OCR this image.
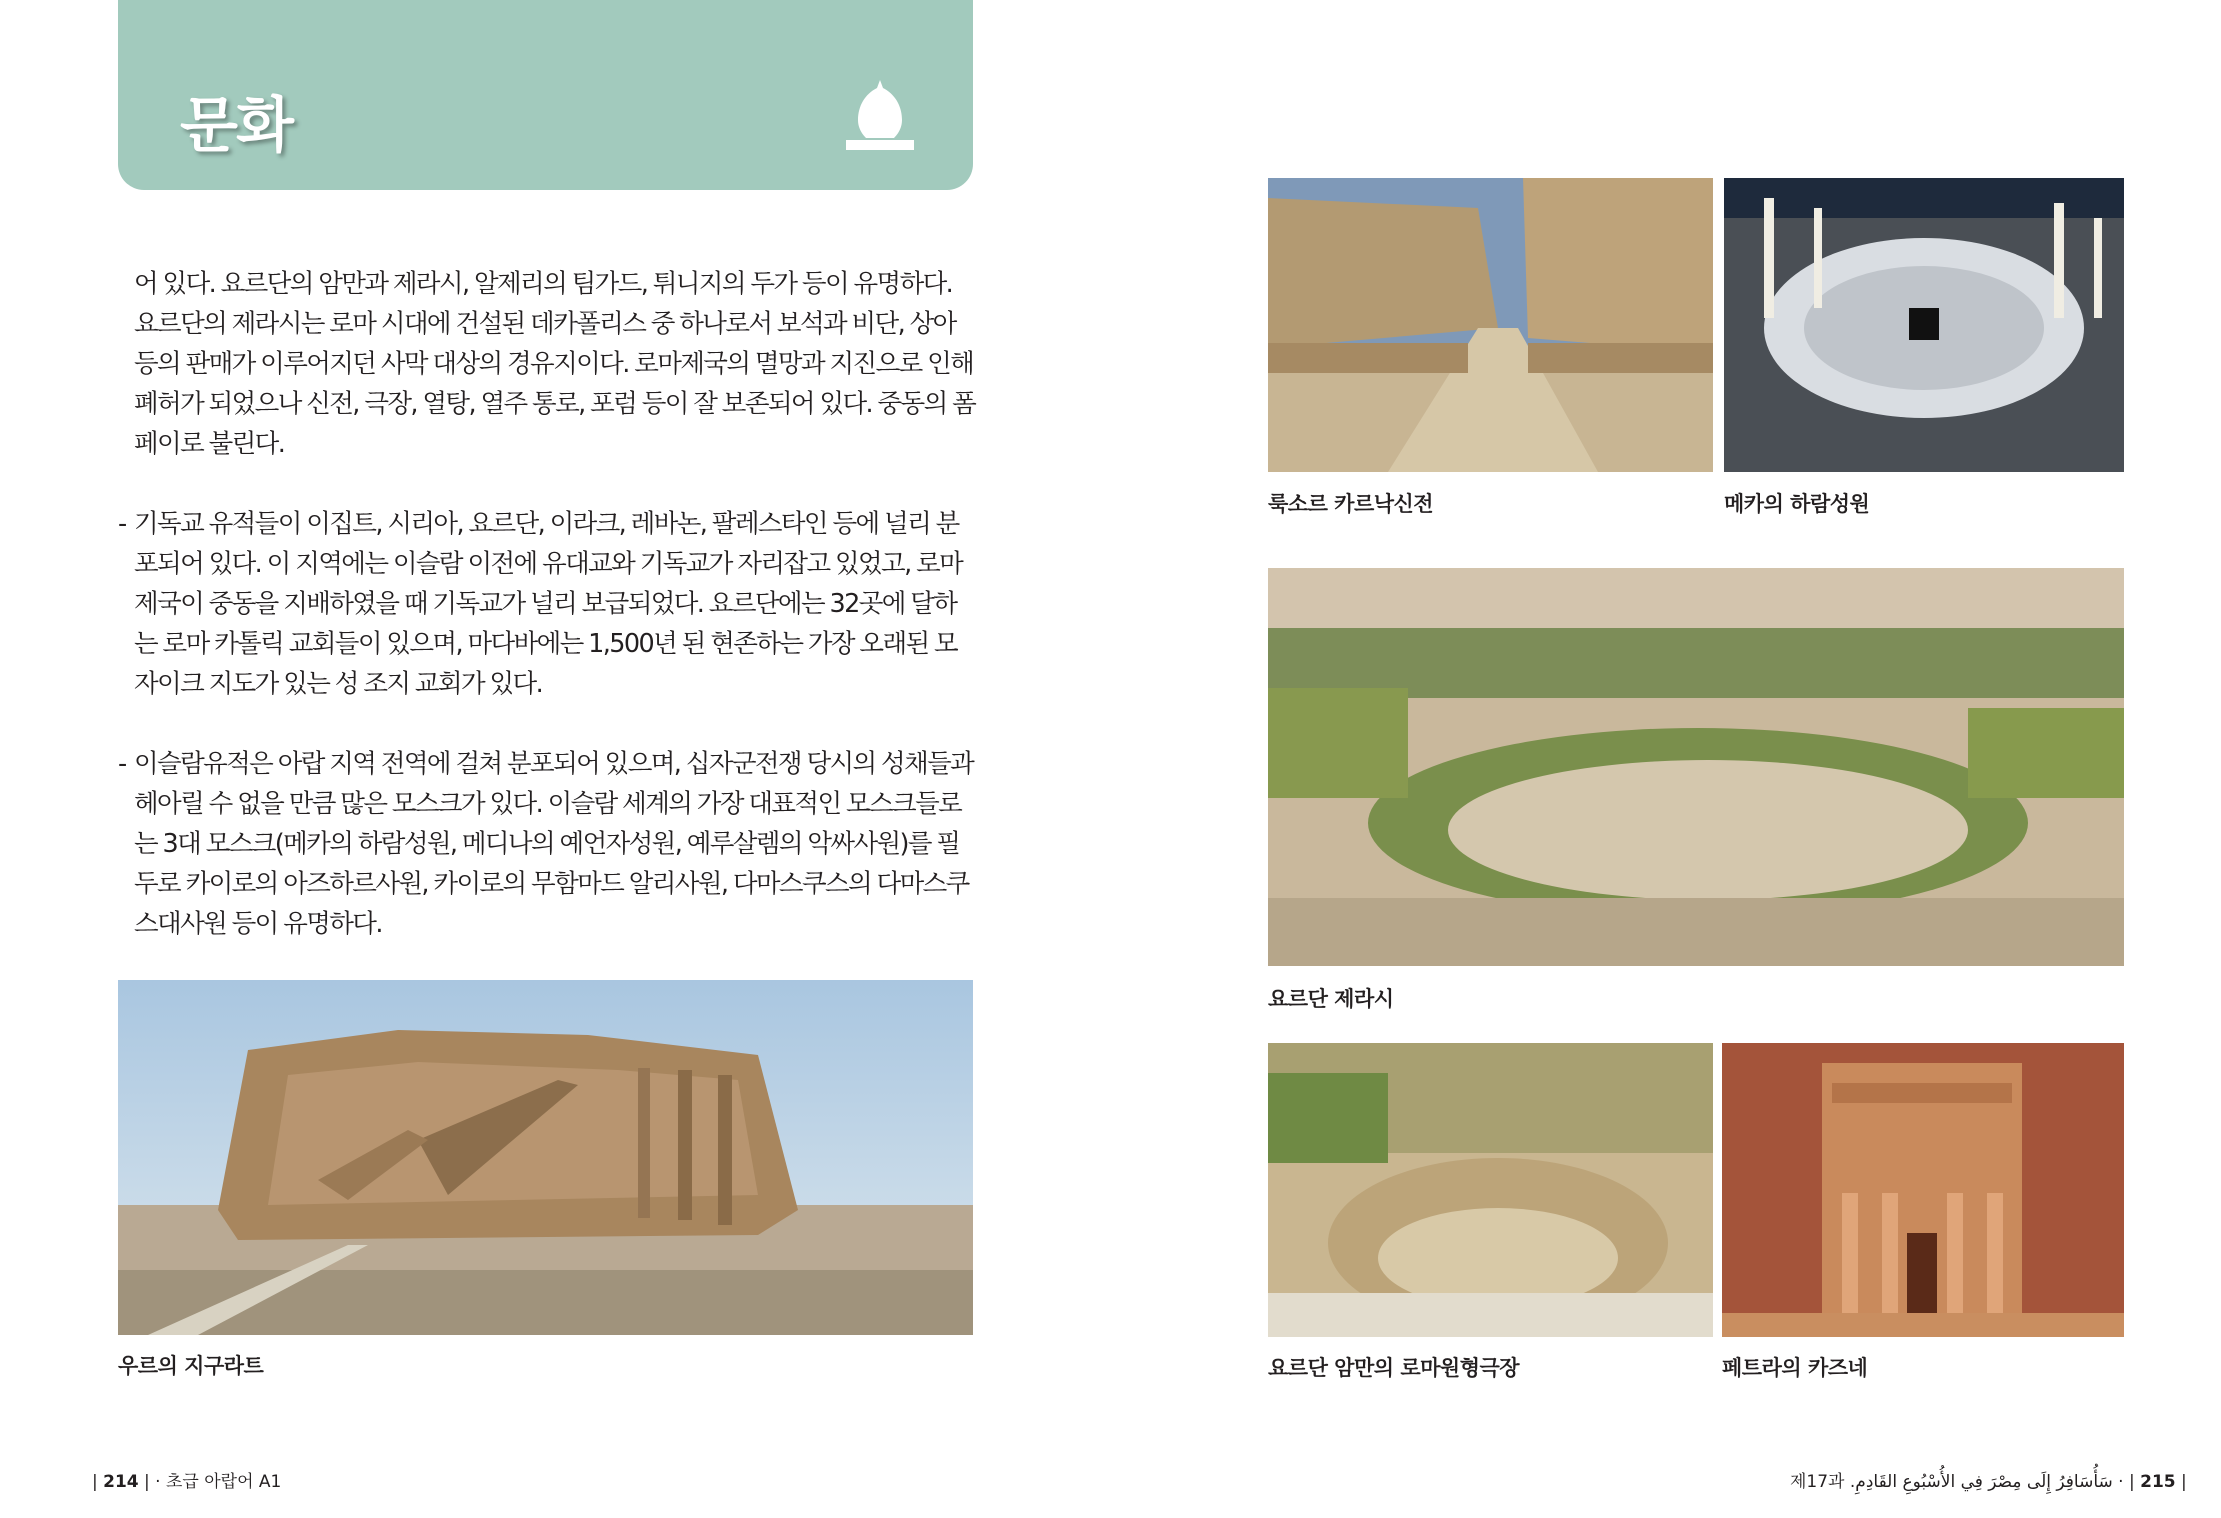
문화
어 있다. 요르단의 암만과 제라시, 알제리의 팀가드, 튀니지의 두가 등이 유명하다. 요르단의 제라시는 로마 시대에 건설된 데카폴리스 중 하나로서 보석과 비단, 상아 등의 판매가 이루어지던 사막 대상의 경유지이다. 로마제국의 멸망과 지진으로 인해 폐허가 되었으나 신전, 극장, 열탕, 열주 통로, 포럼 등이 잘 보존되어 있다. 중동의 폼페이로 불린다.
- 기독교 유적들이 이집트, 시리아, 요르단, 이라크, 레바논, 팔레스타인 등에 널리 분포되어 있다. 이 지역에는 이슬람 이전에 유대교와 기독교가 자리잡고 있었고, 로마제국이 중동을 지배하였을 때 기독교가 널리 보급되었다. 요르단에는 32곳에 달하는 로마 카톨릭 교회들이 있으며, 마다바에는 1,500년 된 현존하는 가장 오래된 모자이크 지도가 있는 성 조지 교회가 있다.
- 이슬람유적은 아랍 지역 전역에 걸쳐 분포되어 있으며, 십자군전쟁 당시의 성채들과 헤아릴 수 없을 만큼 많은 모스크가 있다. 이슬람 세계의 가장 대표적인 모스크들로는 3대 모스크(메카의 하람성원, 메디나의 예언자성원, 예루살렘의 악싸사원)를 필두로 카이로의 아즈하르사원, 카이로의 무함마드 알리사원, 다마스쿠스의 다마스쿠스대사원 등이 유명하다.
우르의 지구라트
룩소르 카르낙신전	메카의 하람성원
요르단 제라시
요르단 암만의 로마원형극장	페트라의 카즈네
| 214 | · 초급 아랍어 A1	제17과 سَأُسَافِرُ إِلَى مِصْرَ فِي الأُسْبُوعِ القَادِمِ. · | 215 |
